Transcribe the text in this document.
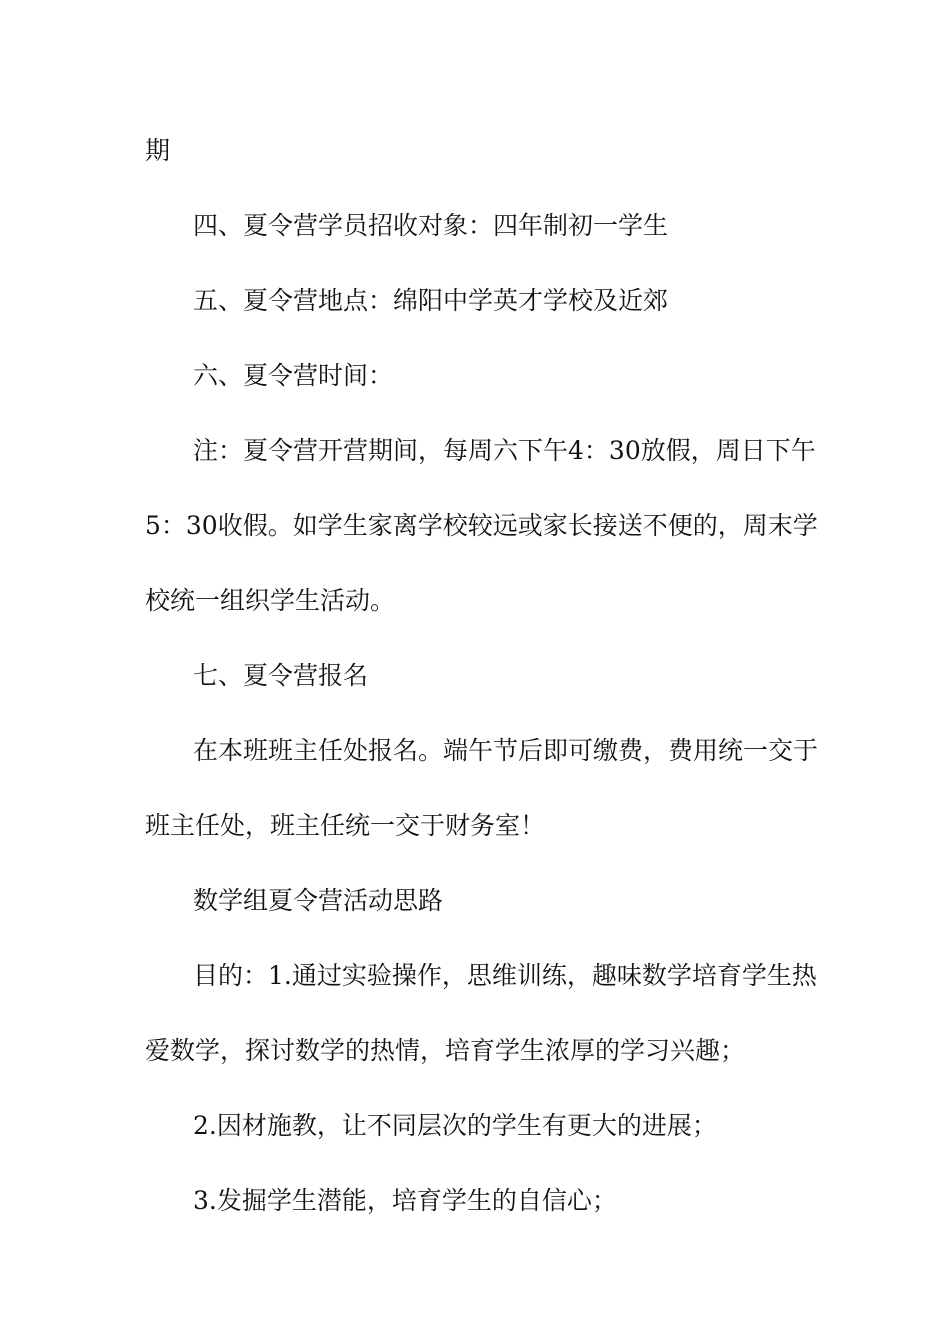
期
四、夏令营学员招收对象：四年制初一学生
五、夏令营地点：绵阳中学英才学校及近郊
六、夏令营时间：
注：夏令营开营期间，每周六下午4：30放假，周日下午
5：30收假。如学生家离学校较远或家长接送不便的，周末学
校统一组织学生活动。
七、夏令营报名
在本班班主任处报名。端午节后即可缴费，费用统一交于
班主任处，班主任统一交于财务室！
数学组夏令营活动思路
目的：1.通过实验操作，思维训练，趣味数学培育学生热
爱数学，探讨数学的热情，培育学生浓厚的学习兴趣；
2.因材施教，让不同层次的学生有更大的进展；
3.发掘学生潜能，培育学生的自信心；
